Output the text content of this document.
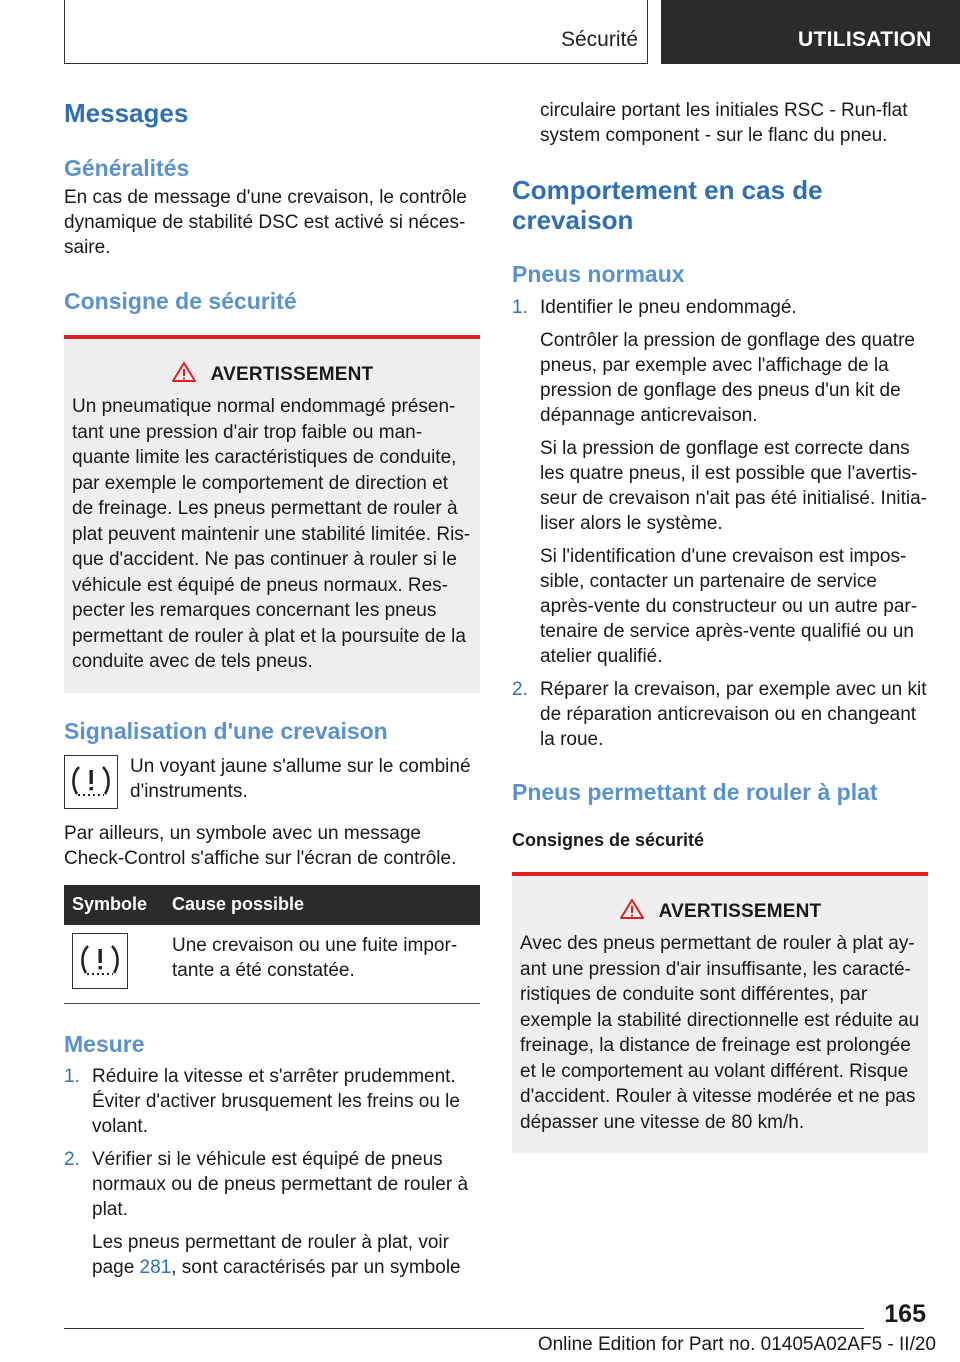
Sécurité	UTILISATION
Messages
Généralités

En cas de message d'une crevaison, le contrôle dynamique de stabilité DSC est activé si néces-saire.

Consigne de sécurité
AVERTISSEMENT
Un pneumatique normal endommagé présen-tant une pression d'air trop faible ou man-quante limite les caractéristiques de conduite, par exemple le comportement de direction et de freinage. Les pneus permettant de rouler à plat peuvent maintenir une stabilité limitée. Ris-que d'accident. Ne pas continuer à rouler si le véhicule est équipé de pneus normaux. Res-pecter les remarques concernant les pneus permettant de rouler à plat et la poursuite de la conduite avec de tels pneus.
Signalisation d'une crevaison

Un voyant jaune s'allume sur le combiné d'instruments.

Par ailleurs, un symbole avec un message Check-Control s'affiche sur l'écran de contrôle.

Symbole	Cause possible

	Une crevaison ou une fuite impor-tante a été constatée.
Mesure
1. Réduire la vitesse et s'arrêter prudemment. Éviter d'activer brusquement les freins ou le volant.

2. Vérifier si le véhicule est équipé de pneus normaux ou de pneus permettant de rouler à plat.

Les pneus permettant de rouler à plat, voir page 281, sont caractérisés par un symbole

circulaire portant les initiales RSC - Run-flat system component - sur le flanc du pneu.

Comportement en cas de crevaison
Pneus normaux
1. Identifier le pneu endommagé.

Contrôler la pression de gonflage des quatre pneus, par exemple avec l'affichage de la pression de gonflage des pneus d'un kit de dépannage anticrevaison.

Si la pression de gonflage est correcte dans les quatre pneus, il est possible que l'avertis-seur de crevaison n'ait pas été initialisé. Initia-liser alors le système.

Si l'identification d'une crevaison est impos-sible, contacter un partenaire de service après-vente du constructeur ou un autre par-tenaire de service après-vente qualifié ou un atelier qualifié.

2. Réparer la crevaison, par exemple avec un kit de réparation anticrevaison ou en changeant la roue.

Pneus permettant de rouler à plat
Consignes de sécurité
AVERTISSEMENT
Avec des pneus permettant de rouler à plat ay-ant une pression d'air insuffisante, les caracté-ristiques de conduite sont différentes, par exemple la stabilité directionnelle est réduite au freinage, la distance de freinage est prolongée et le comportement au volant différent. Risque d'accident. Rouler à vitesse modérée et ne pas dépasser une vitesse de 80 km/h.
165
Online Edition for Part no. 01405A02AF5 - II/20
